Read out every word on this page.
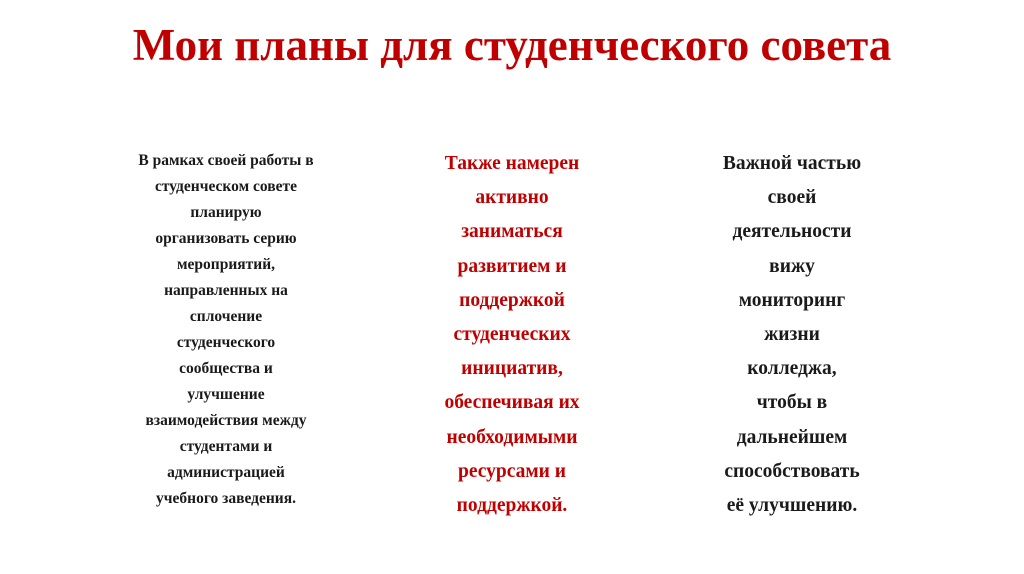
Мои планы для студенческого совета

В рамках своей работы в
студенческом совете
планирую
организовать серию
мероприятий,
направленных на
сплочение
студенческого
сообщества и
улучшение
взаимодействия между
студентами и
администрацией
учебного заведения.

Также намерен
активно
заниматься
развитием и
поддержкой
студенческих
инициатив,
обеспечивая их
необходимыми
ресурсами и
поддержкой.

Важной частью
своей
деятельности
вижу
мониторинг
жизни
колледжа,
чтобы в
дальнейшем
способствовать
её улучшению.
